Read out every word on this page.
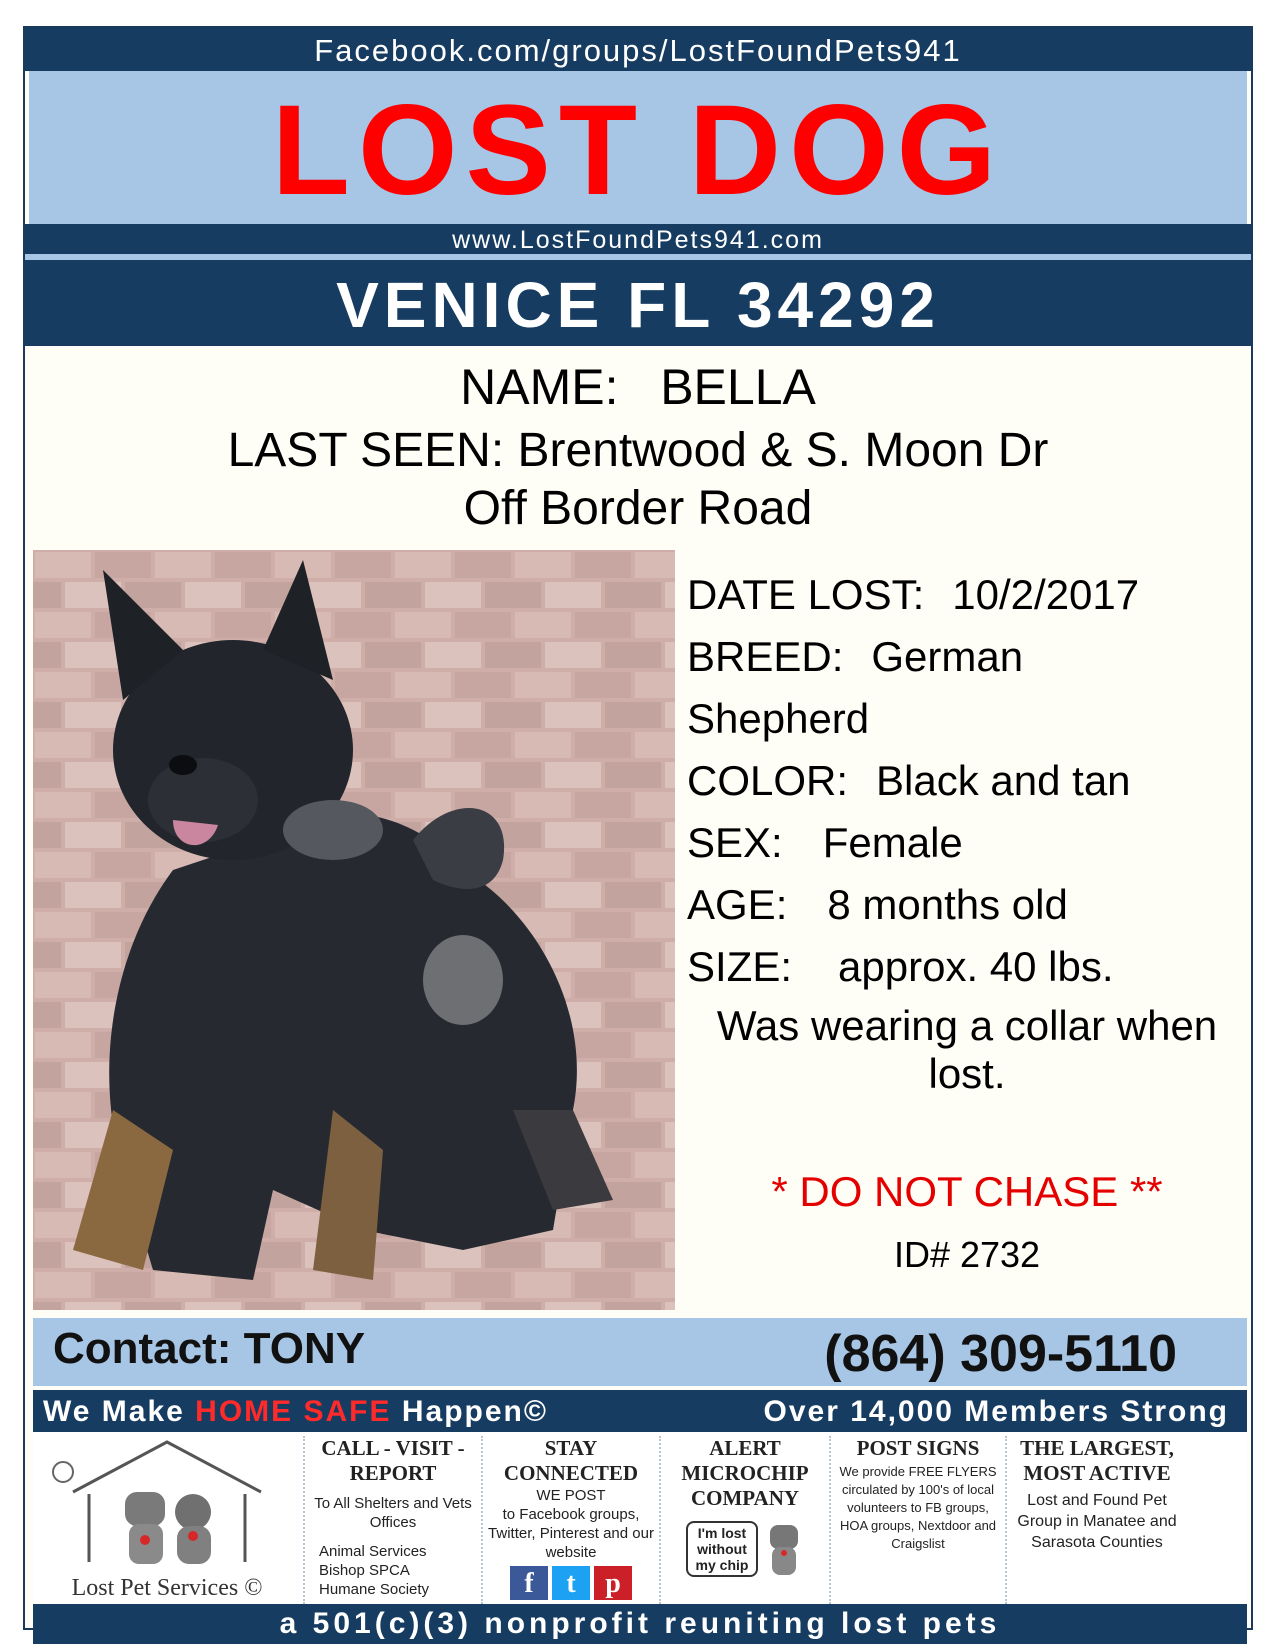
Facebook.com/groups/LostFoundPets941
LOST DOG
www.LostFoundPets941.com
VENICE FL 34292
NAME: BELLA
LAST SEEN: Brentwood & S. Moon Dr
Off Border Road
DATE LOST: 10/2/2017
BREED: German
Shepherd
COLOR: Black and tan
SEX: Female
AGE: 8 months old
SIZE: approx. 40 lbs.
Was wearing a collar when lost.
* DO NOT CHASE **
ID# 2732
Contact: TONY	(864) 309-5110
We Make HOME SAFE Happen©	Over 14,000 Members Strong
Lost Pet Services ©
CALL - VISIT - REPORT
To All Shelters and Vets Offices
Animal Services
Bishop SPCA
Humane Society
STAY CONNECTED
WE POST
to Facebook groups, Twitter, Pinterest and our website
f t p
ALERT MICROCHIP COMPANY
I'm lost without my chip
POST SIGNS
We provide FREE FLYERS circulated by 100's of local volunteers to FB groups, HOA groups, Nextdoor and Craigslist
THE LARGEST, MOST ACTIVE
Lost and Found Pet Group in Manatee and Sarasota Counties
a 501(c)(3) nonprofit reuniting lost pets
